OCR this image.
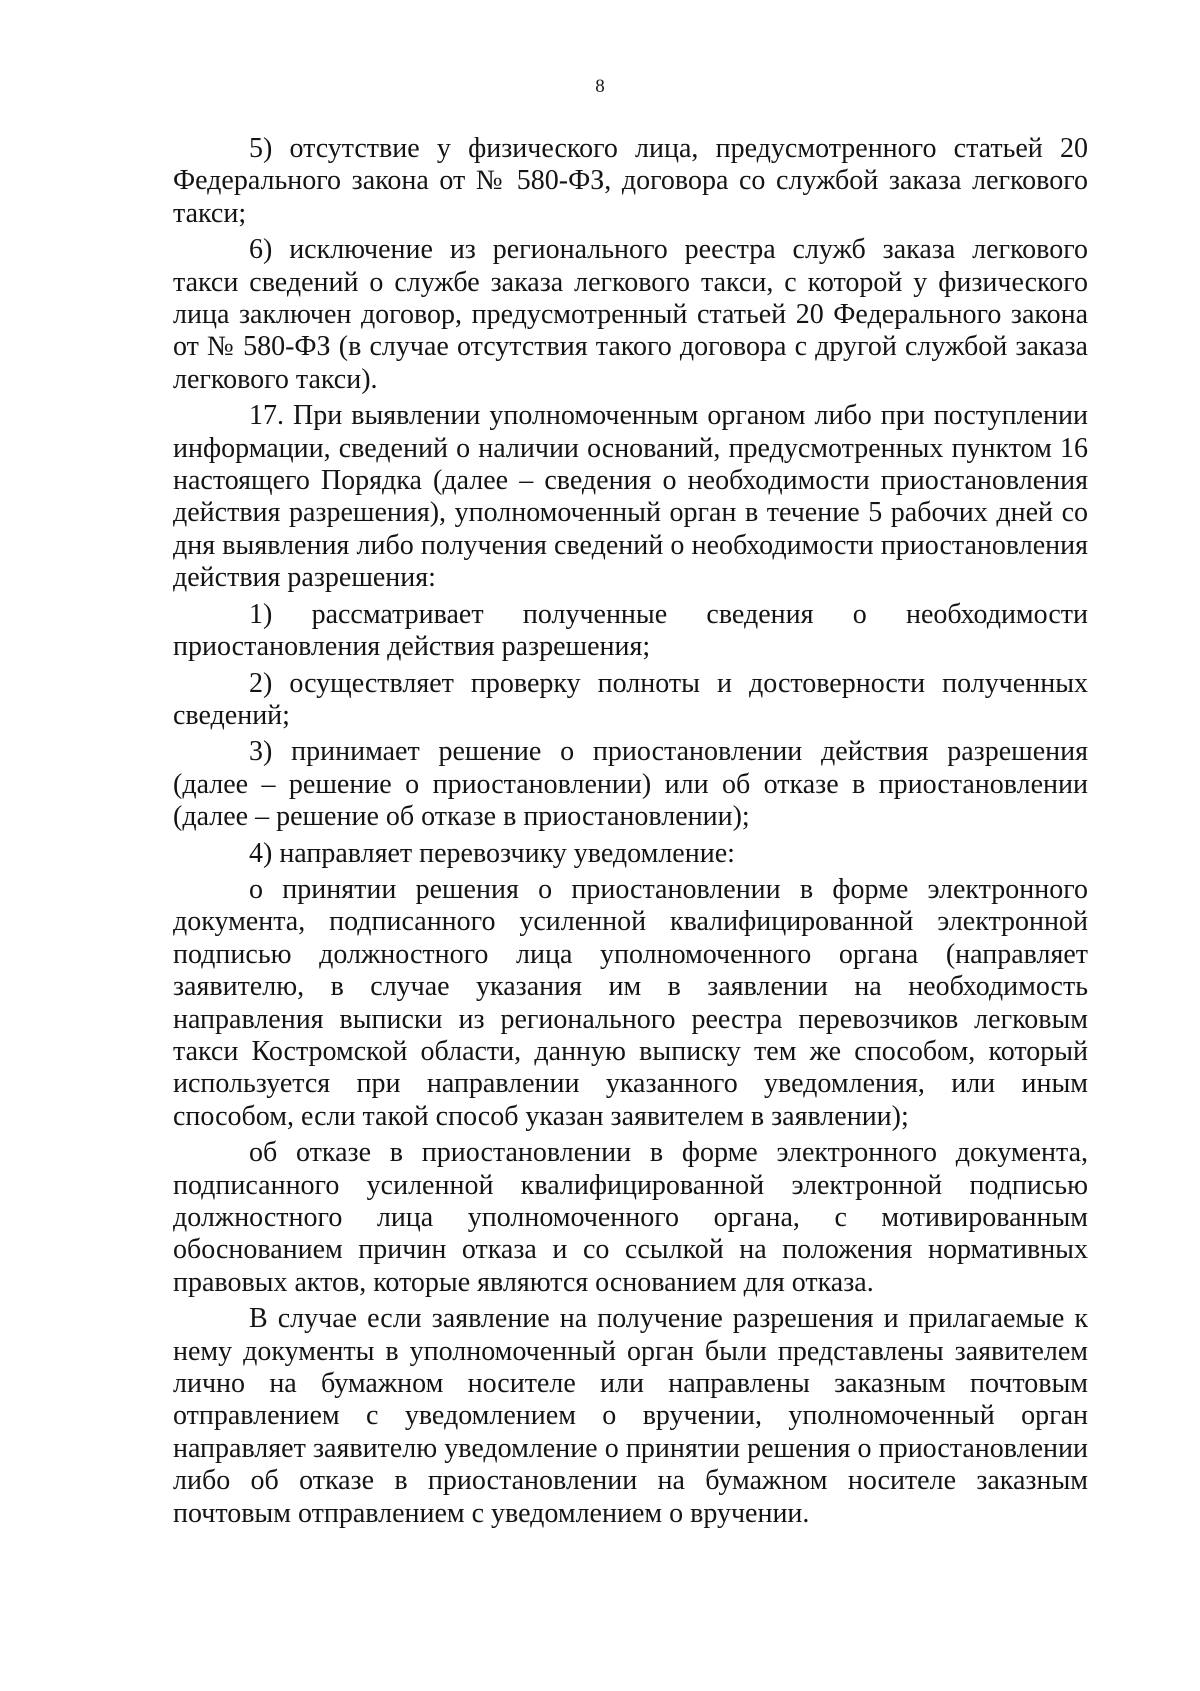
8

5) отсутствие у физического лица, предусмотренного статьей 20 Федерального закона от № 580-ФЗ, договора со службой заказа легкового такси;

6) исключение из регионального реестра служб заказа легкового такси сведений о службе заказа легкового такси, с которой у физического лица заключен договор, предусмотренный статьей 20 Федерального закона от № 580-ФЗ (в случае отсутствия такого договора с другой службой заказа легкового такси).

17. При выявлении уполномоченным органом либо при поступлении информации, сведений о наличии оснований, предусмотренных пунктом 16 настоящего Порядка (далее – сведения о необходимости приостановления действия разрешения), уполномоченный орган в течение 5 рабочих дней со дня выявления либо получения сведений о необходимости приостановления действия разрешения:

1) рассматривает полученные сведения о необходимости приостановления действия разрешения;

2) осуществляет проверку полноты и достоверности полученных сведений;

3) принимает решение о приостановлении действия разрешения (далее – решение о приостановлении) или об отказе в приостановлении (далее – решение об отказе в приостановлении);

4) направляет перевозчику уведомление:

о принятии решения о приостановлении в форме электронного документа, подписанного усиленной квалифицированной электронной подписью должностного лица уполномоченного органа (направляет заявителю, в случае указания им в заявлении на необходимость направления выписки из регионального реестра перевозчиков легковым такси Костромской области, данную выписку тем же способом, который используется при направлении указанного уведомления, или иным способом, если такой способ указан заявителем в заявлении);

об отказе в приостановлении в форме электронного документа, подписанного усиленной квалифицированной электронной подписью должностного лица уполномоченного органа, с мотивированным обоснованием причин отказа и со ссылкой на положения нормативных правовых актов, которые являются основанием для отказа.

В случае если заявление на получение разрешения и прилагаемые к нему документы в уполномоченный орган были представлены заявителем лично на бумажном носителе или направлены заказным почтовым отправлением с уведомлением о вручении, уполномоченный орган направляет заявителю уведомление о принятии решения о приостановлении либо об отказе в приостановлении на бумажном носителе заказным почтовым отправлением с уведомлением о вручении.
